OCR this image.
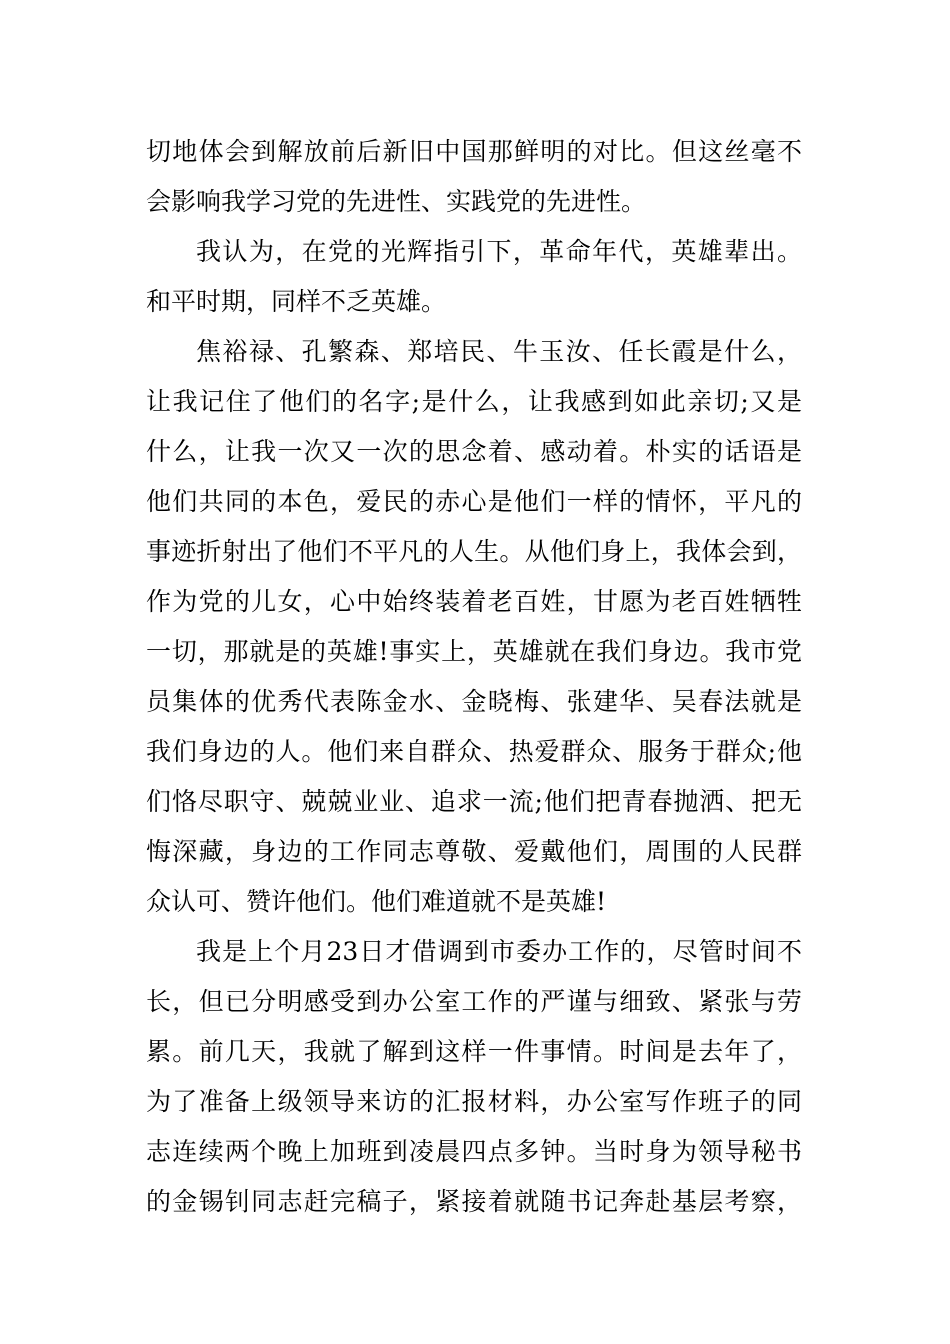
切地体会到解放前后新旧中国那鲜明的对比。但这丝毫不
会影响我学习党的先进性、实践党的先进性。
我认为，在党的光辉指引下，革命年代，英雄辈出。
和平时期，同样不乏英雄。
焦裕禄、孔繁森、郑培民、牛玉汝、任长霞是什么，
让我记住了他们的名字;是什么，让我感到如此亲切;又是
什么，让我一次又一次的思念着、感动着。朴实的话语是
他们共同的本色，爱民的赤心是他们一样的情怀，平凡的
事迹折射出了他们不平凡的人生。从他们身上，我体会到，
作为党的儿女，心中始终装着老百姓，甘愿为老百姓牺牲
一切，那就是的英雄!事实上，英雄就在我们身边。我市党
员集体的优秀代表陈金水、金晓梅、张建华、吴春法就是
我们身边的人。他们来自群众、热爱群众、服务于群众;他
们恪尽职守、兢兢业业、追求一流;他们把青春抛洒、把无
悔深藏，身边的工作同志尊敬、爱戴他们，周围的人民群
众认可、赞许他们。他们难道就不是英雄!
我是上个月23日才借调到市委办工作的，尽管时间不
长，但已分明感受到办公室工作的严谨与细致、紧张与劳
累。前几天，我就了解到这样一件事情。时间是去年了，
为了准备上级领导来访的汇报材料，办公室写作班子的同
志连续两个晚上加班到凌晨四点多钟。当时身为领导秘书
的金锡钊同志赶完稿子，紧接着就随书记奔赴基层考察，
